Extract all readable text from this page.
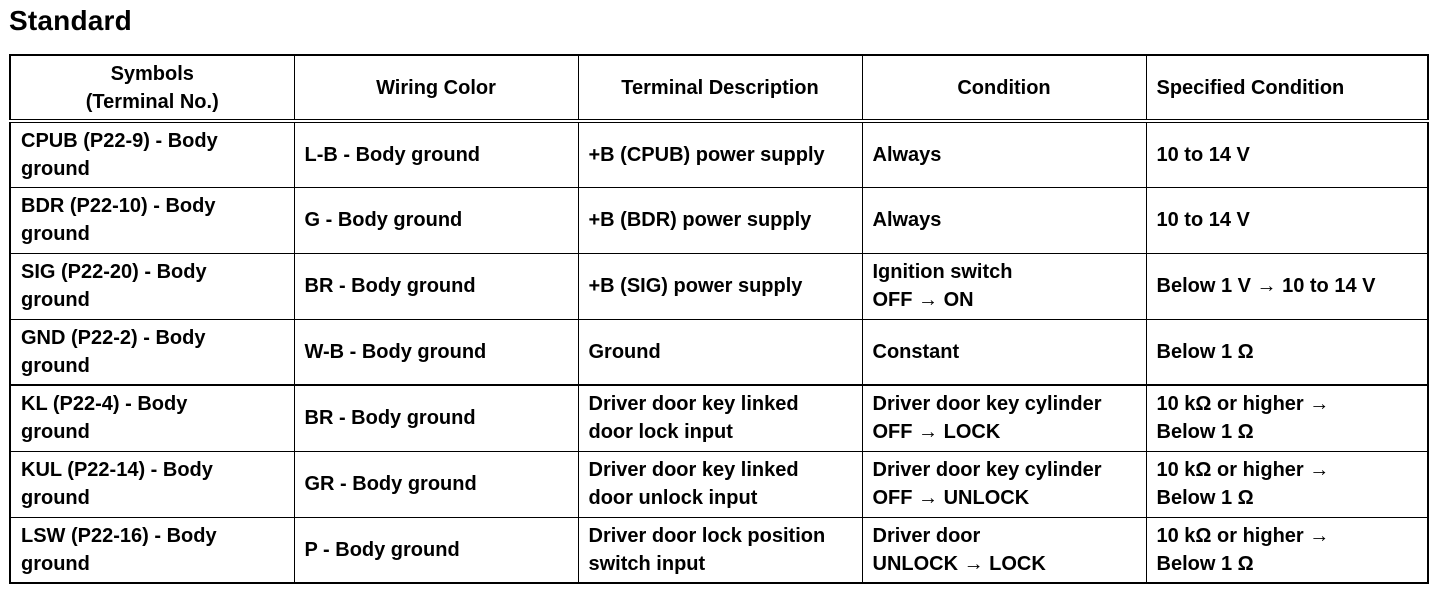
Standard
Symbols
(Terminal No.)	Wiring Color	Terminal Description	Condition	Specified Condition

CPUB (P22-9) - Body
ground	L-B - Body ground	+B (CPUB) power supply	Always	10 to 14 V

BDR (P22-10) - Body
ground	G - Body ground	+B (BDR) power supply	Always	10 to 14 V

SIG (P22-20) - Body
ground	BR - Body ground	+B (SIG) power supply	Ignition switch
OFF → ON	Below 1 V → 10 to 14 V

GND (P22-2) - Body
ground	W-B - Body ground	Ground	Constant	Below 1 Ω

KL (P22-4) - Body
ground	BR - Body ground	Driver door key linked
door lock input	Driver door key cylinder
OFF → LOCK	10 kΩ or higher →
Below 1 Ω

KUL (P22-14) - Body
ground	GR - Body ground	Driver door key linked
door unlock input	Driver door key cylinder
OFF → UNLOCK	10 kΩ or higher →
Below 1 Ω

LSW (P22-16) - Body
ground	P - Body ground	Driver door lock position
switch input	Driver door
UNLOCK → LOCK	10 kΩ or higher →
Below 1 Ω
